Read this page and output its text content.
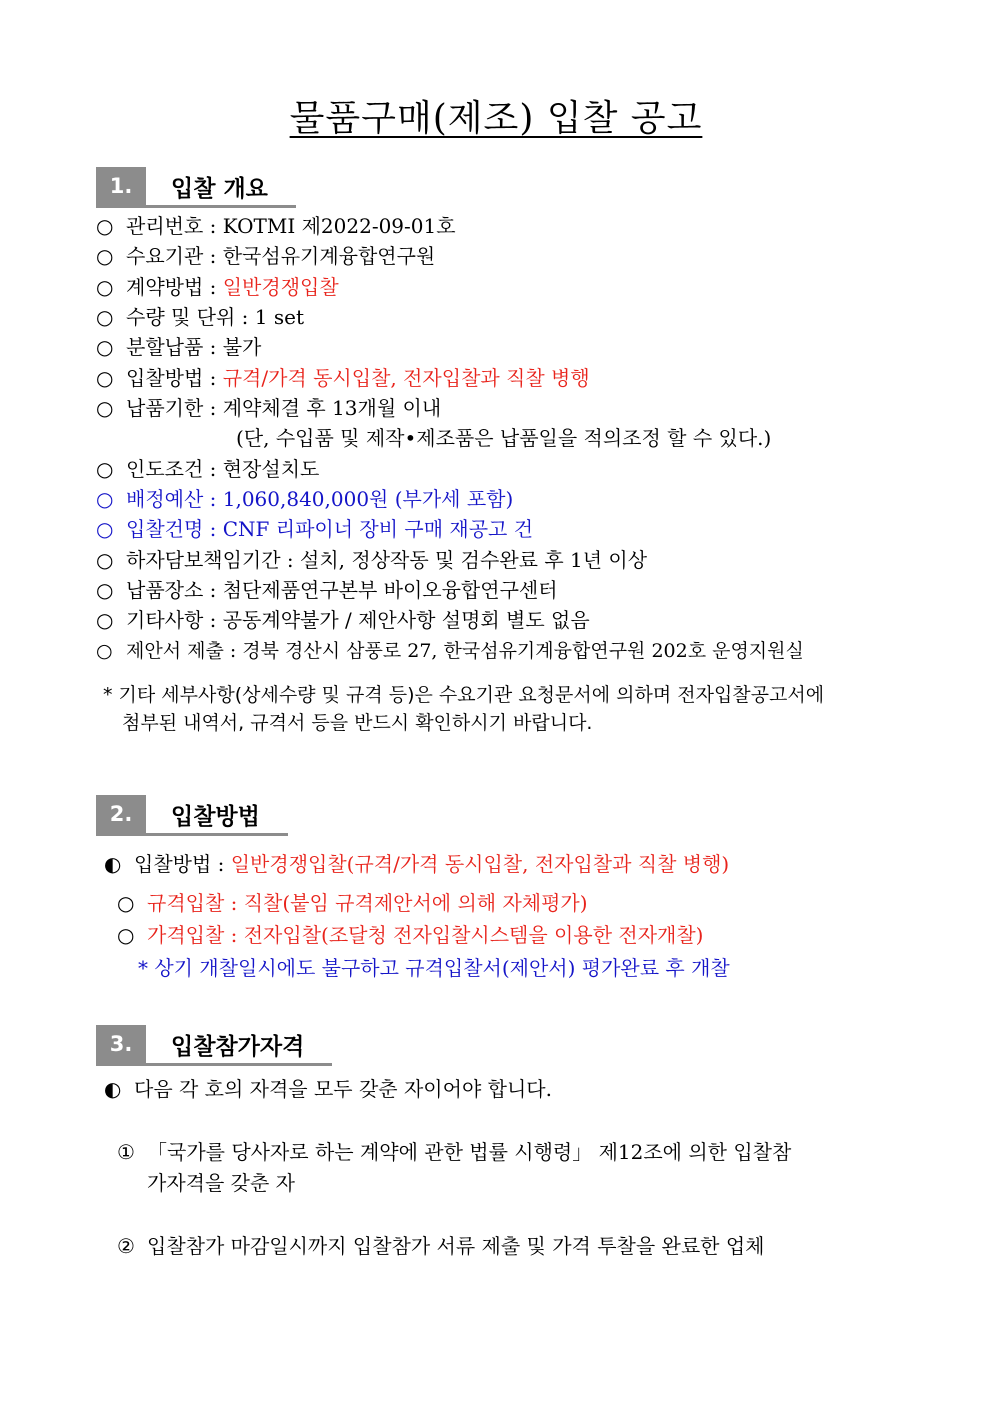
물품구매(제조) 입찰 공고
1.	입찰 개요
○ 관리번호 : KOTMI 제2022-09-01호
○ 수요기관 : 한국섬유기계융합연구원
○ 계약방법 : 일반경쟁입찰
○ 수량 및 단위 : 1 set
○ 분할납품 : 불가
○ 입찰방법 : 규격/가격 동시입찰, 전자입찰과 직찰 병행
○ 납품기한 : 계약체결 후 13개월 이내
(단, 수입품 및 제작•제조품은 납품일을 적의조정 할 수 있다.)
○ 인도조건 : 현장설치도
○ 배정예산 : 1,060,840,000원 (부가세 포함)
○ 입찰건명 : CNF 리파이너 장비 구매 재공고 건
○ 하자담보책임기간 : 설치, 정상작동 및 검수완료 후 1년 이상
○ 납품장소 : 첨단제품연구본부 바이오융합연구센터
○ 기타사항 : 공동계약불가 / 제안사항 설명회 별도 없음
○ 제안서 제출 : 경북 경산시 삼풍로 27, 한국섬유기계융합연구원 202호 운영지원실
* 기타 세부사항(상세수량 및 규격 등)은 수요기관 요청문서에 의하며 전자입찰공고서에
첨부된 내역서, 규격서 등을 반드시 확인하시기 바랍니다.
2.	입찰방법
◐ 입찰방법 : 일반경쟁입찰(규격/가격 동시입찰, 전자입찰과 직찰 병행)
○ 규격입찰 : 직찰(붙임 규격제안서에 의해 자체평가)
○ 가격입찰 : 전자입찰(조달청 전자입찰시스템을 이용한 전자개찰)
* 상기 개찰일시에도 불구하고 규격입찰서(제안서) 평가완료 후 개찰
3.	입찰참가자격
◐ 다음 각 호의 자격을 모두 갖춘 자이어야 합니다.
① 「국가를 당사자로 하는 계약에 관한 법률 시행령」 제12조에 의한 입찰참
가자격을 갖춘 자
② 입찰참가 마감일시까지 입찰참가 서류 제출 및 가격 투찰을 완료한 업체
